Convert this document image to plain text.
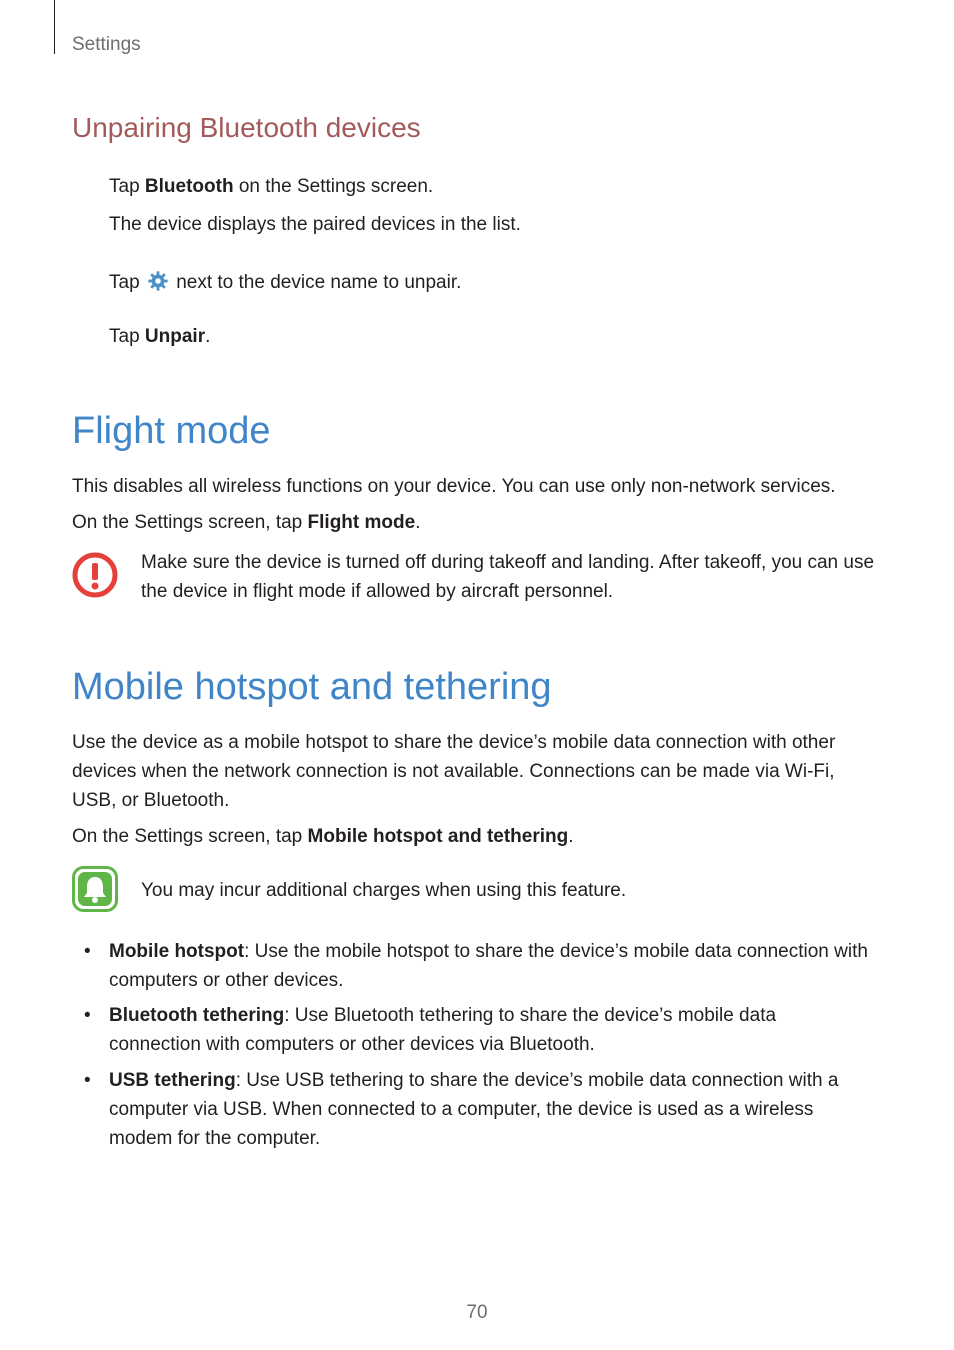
Settings
Unpairing Bluetooth devices
Tap Bluetooth on the Settings screen.
The device displays the paired devices in the list.
Tap  next to the device name to unpair.
Tap Unpair.
Flight mode
This disables all wireless functions on your device. You can use only non-network services.
On the Settings screen, tap Flight mode.
Make sure the device is turned off during takeoff and landing. After takeoff, you can use the device in flight mode if allowed by aircraft personnel.
Mobile hotspot and tethering
Use the device as a mobile hotspot to share the device’s mobile data connection with other devices when the network connection is not available. Connections can be made via Wi-Fi, USB, or Bluetooth.
On the Settings screen, tap Mobile hotspot and tethering.
You may incur additional charges when using this feature.
• Mobile hotspot: Use the mobile hotspot to share the device’s mobile data connection with computers or other devices.
• Bluetooth tethering: Use Bluetooth tethering to share the device’s mobile data connection with computers or other devices via Bluetooth.
• USB tethering: Use USB tethering to share the device’s mobile data connection with a computer via USB. When connected to a computer, the device is used as a wireless modem for the computer.
70
